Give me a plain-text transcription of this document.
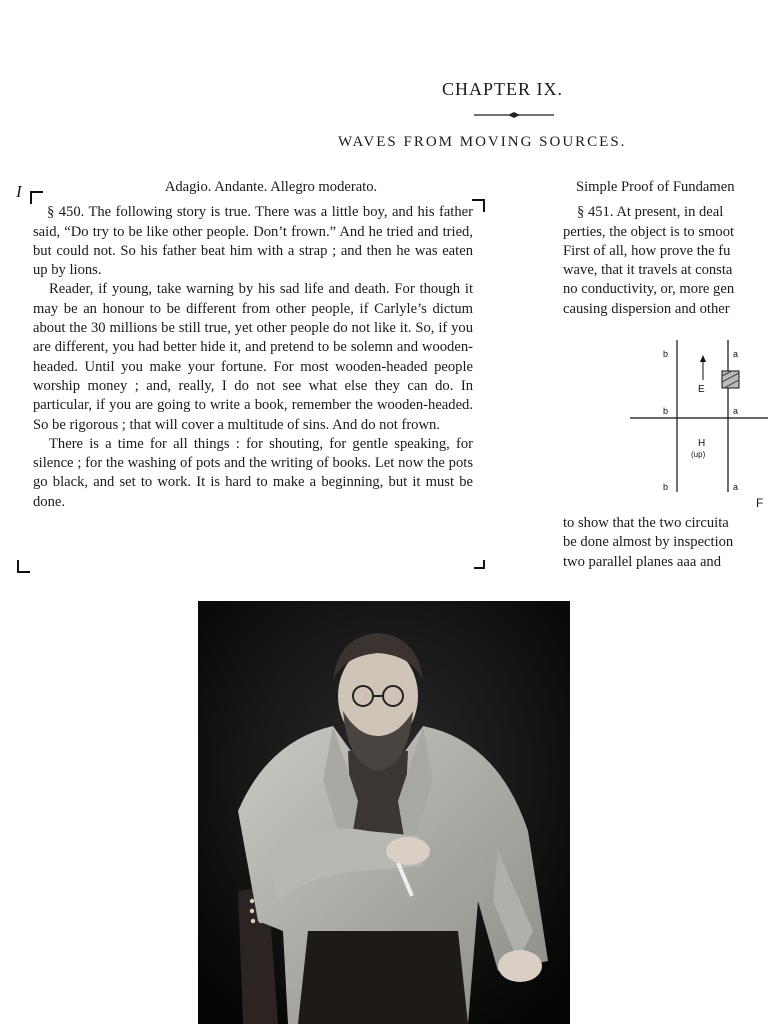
CHAPTER IX.
WAVES FROM MOVING SOURCES.
I	Adagio. Andante. Allegro moderato.

§ 450. The following story is true. There was a little boy, and his father said, “Do try to be like other people. Don’t frown.” And he tried and tried, but could not. So his father beat him with a strap ; and then he was eaten up by lions.

Reader, if young, take warning by his sad life and death. For though it may be an honour to be different from other people, if Carlyle’s dictum about the 30 millions be still true, yet other people do not like it. So, if you are different, you had better hide it, and pretend to be solemn and wooden-headed. Until you make your fortune. For most wooden-headed people worship money ; and, really, I do not see what else they can do. In particular, if you are going to write a book, remember the wooden-headed. So be rigorous ; that will cover a multitude of sins. And do not frown.

There is a time for all things : for shouting, for gentle speaking, for silence ; for the washing of pots and the writing of books. Let now the pots go black, and set to work. It is hard to make a beginning, but it must be done.

Simple Proof of Fundamen
§ 451. At present, in deal
perties, the object is to smoot
First of all, how prove the fu
wave, that it travels at consta
no conductivity, or, more gen
causing dispersion and other
b	a
E
b	a
H
(up)
b	a
F
to show that the two circuita
be done almost by inspection
two parallel planes aaa and
